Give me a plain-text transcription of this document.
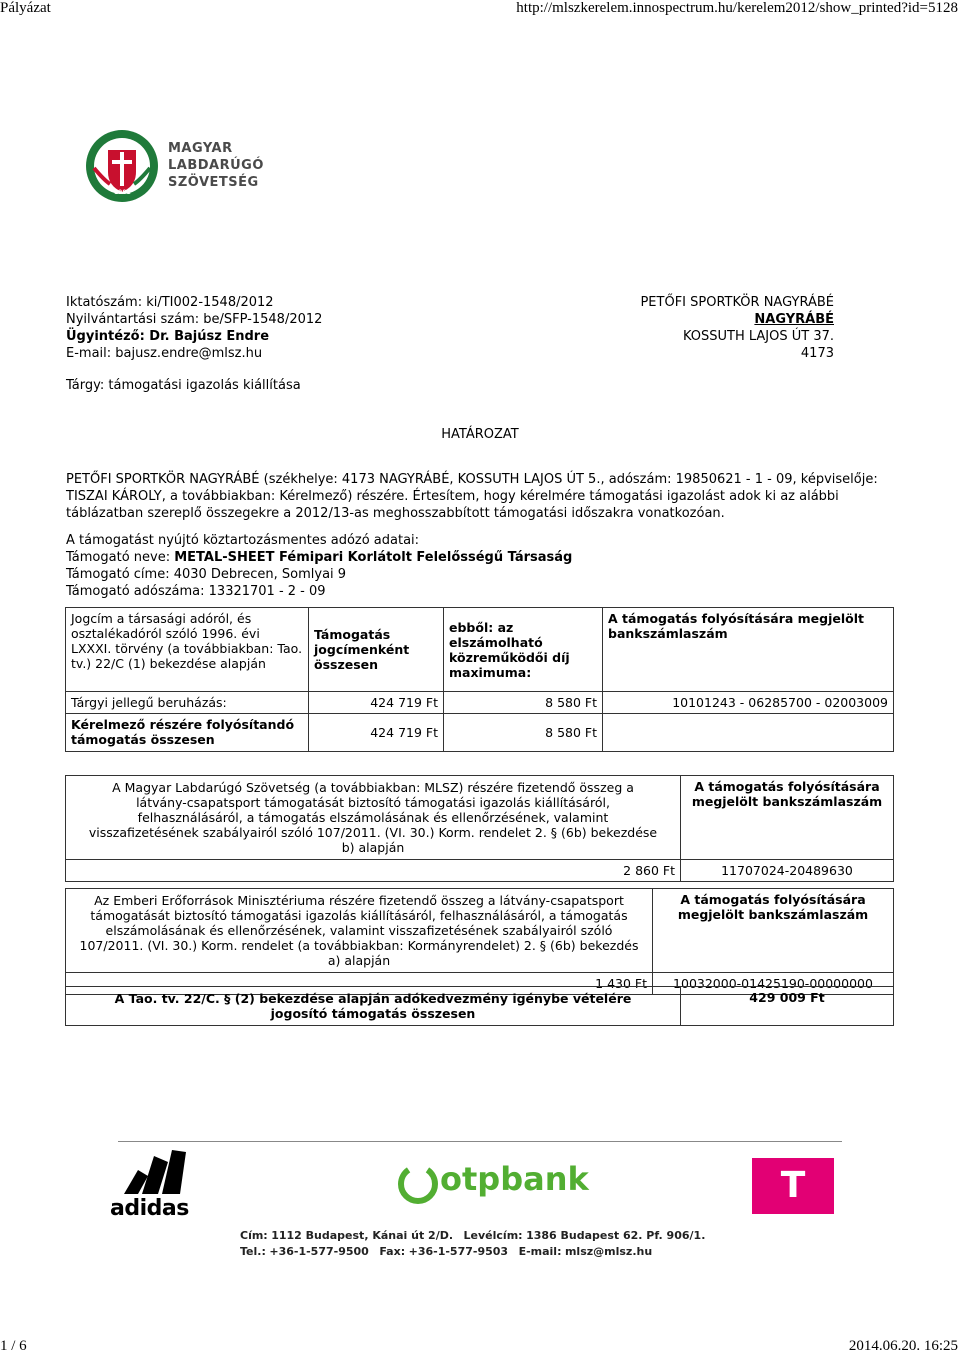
Pályázat	http://mlszkerelem.innospectrum.hu/kerelem2012/show_printed?id=5128
1901
MAGYAR
LABDARÚGÓ
SZÖVETSÉG
Iktatószám: ki/TI002-1548/2012
Nyilvántartási szám: be/SFP-1548/2012
Ügyintéző: Dr. Bajúsz Endre
E-mail: bajusz.endre@mlsz.hu
PETŐFI SPORTKÖR NAGYRÁBÉ
NAGYRÁBÉ
KOSSUTH LAJOS ÚT 37.
4173
Tárgy: támogatási igazolás kiállítása
HATÁROZAT
PETŐFI SPORTKÖR NAGYRÁBÉ (székhelye: 4173 NAGYRÁBÉ, KOSSUTH LAJOS ÚT 5., adószám: 19850621 - 1 - 09, képviselője:
TISZAI KÁROLY, a továbbiakban: Kérelmező) részére. Értesítem, hogy kérelmére támogatási igazolást adok ki az alábbi
táblázatban szereplő összegekre a 2012/13-as meghosszabbított támogatási időszakra vonatkozóan.
A támogatást nyújtó köztartozásmentes adózó adatai:
Támogató neve: METAL-SHEET Fémipari Korlátolt Felelősségű Társaság
Támogató címe: 4030 Debrecen, Somlyai 9
Támogató adószáma: 13321701 - 2 - 09
Jogcím a társasági adóról, és osztalékadóról szóló 1996. évi LXXXI. törvény (a továbbiakban: Tao. tv.) 22/C (1) bekezdése alapján	Támogatás jogcímenként összesen	ebből: az elszámolható közreműködői díj maximuma:	A támogatás folyósítására megjelölt bankszámlaszám
Tárgyi jellegű beruházás:	424 719 Ft	8 580 Ft	10101243 - 06285700 - 02003009
Kérelmező részére folyósítandó támogatás összesen	424 719 Ft	8 580 Ft	
A Magyar Labdarúgó Szövetség (a továbbiakban: MLSZ) részére fizetendő összeg a látvány-csapatsport támogatását biztosító támogatási igazolás kiállításáról, felhasználásáról, a támogatás elszámolásának és ellenőrzésének, valamint visszafizetésének szabályairól szóló 107/2011. (VI. 30.) Korm. rendelet 2. § (6b) bekezdése b) alapján	A támogatás folyósítására megjelölt bankszámlaszám
2 860 Ft	11707024-20489630
Az Emberi Erőforrások Minisztériuma részére fizetendő összeg a látvány-csapatsport támogatását biztosító támogatási igazolás kiállításáról, felhasználásáról, a támogatás elszámolásának és ellenőrzésének, valamint visszafizetésének szabályairól szóló 107/2011. (VI. 30.) Korm. rendelet (a továbbiakban: Kormányrendelet) 2. § (6b) bekezdés a) alapján	A támogatás folyósítására megjelölt bankszámlaszám
1 430 Ft	10032000-01425190-00000000
A Tao. tv. 22/C. § (2) bekezdése alapján adókedvezmény igénybe vételére jogosító támogatás összesen	429 009 Ft
adidas
otpbank	T
Cím: 1112 Budapest, Kánai út 2/D. Levélcím: 1386 Budapest 62. Pf. 906/1.
Tel.: +36-1-577-9500 Fax: +36-1-577-9503 E-mail: mlsz@mlsz.hu
1 / 6	2014.06.20. 16:25
